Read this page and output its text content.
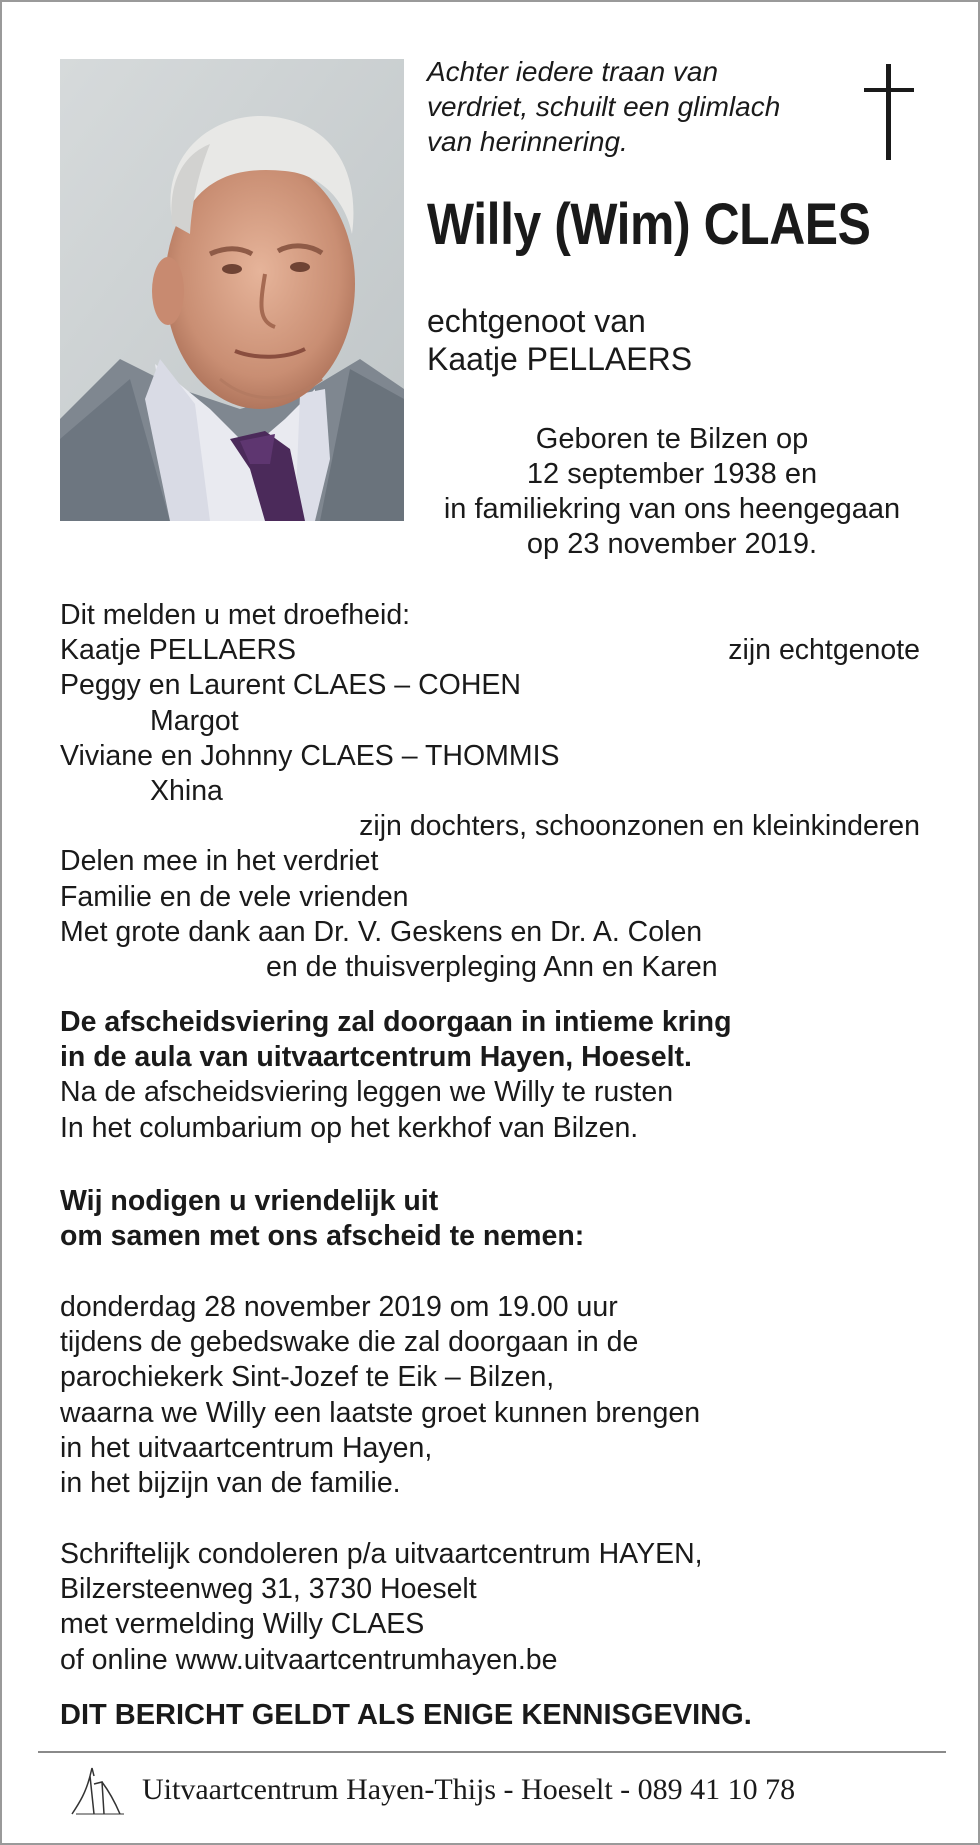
Achter iedere traan van
verdriet, schuilt een glimlach
van herinnering.
Willy (Wim) CLAES
echtgenoot van
Kaatje PELLAERS
Geboren te Bilzen op
12 september 1938 en
in familiekring van ons heengegaan
op 23 november 2019.
Dit melden u met droefheid:
Kaatje PELLAERS	zijn echtgenote
Peggy en Laurent CLAES – COHEN
Margot
Viviane en Johnny CLAES – THOMMIS
Xhina
zijn dochters, schoonzonen en kleinkinderen
Delen mee in het verdriet
Familie en de vele vrienden
Met grote dank aan Dr. V. Geskens en Dr. A. Colen
en de thuisverpleging Ann en Karen
De afscheidsviering zal doorgaan in intieme kring
in de aula van uitvaartcentrum Hayen, Hoeselt.
Na de afscheidsviering leggen we Willy te rusten
In het columbarium op het kerkhof van Bilzen.
Wij nodigen u vriendelijk uit
om samen met ons afscheid te nemen:
donderdag 28 november 2019 om 19.00 uur
tijdens de gebedswake die zal doorgaan in de
parochiekerk Sint-Jozef te Eik – Bilzen,
waarna we Willy een laatste groet kunnen brengen
in het uitvaartcentrum Hayen,
in het bijzijn van de familie.
Schriftelijk condoleren p/a uitvaartcentrum HAYEN,
Bilzersteenweg 31, 3730 Hoeselt
met vermelding Willy CLAES
of online www.uitvaartcentrumhayen.be
DIT BERICHT GELDT ALS ENIGE KENNISGEVING.
Uitvaartcentrum Hayen-Thijs - Hoeselt - 089 41 10 78
